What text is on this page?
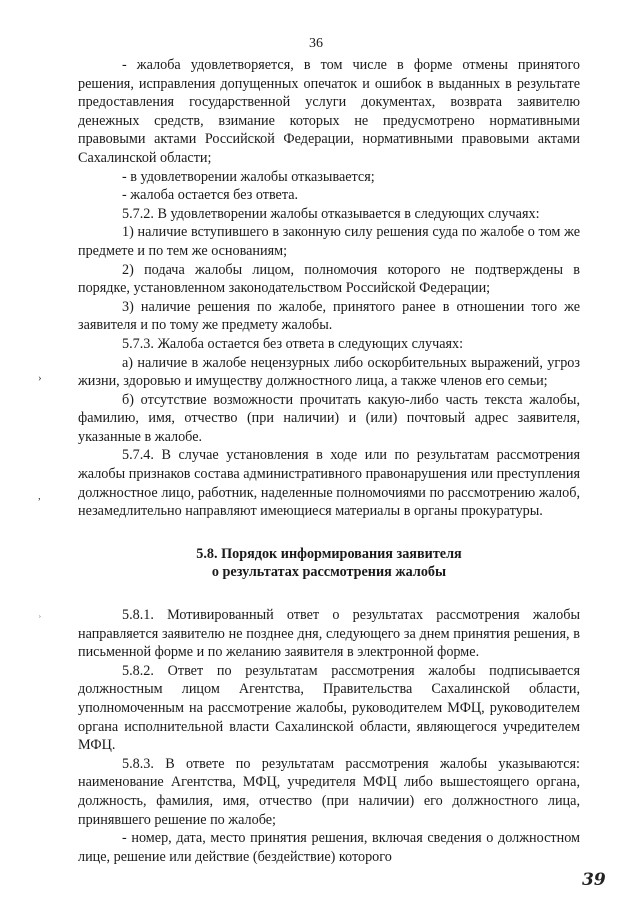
36

- жалоба удовлетворяется, в том числе в форме отмены принятого решения, исправления допущенных опечаток и ошибок в выданных в результате предоставления государственной услуги документах, возврата заявителю денежных средств, взимание которых не предусмотрено нормативными правовыми актами Российской Федерации, нормативными правовыми актами Сахалинской области;

- в удовлетворении жалобы отказывается;

- жалоба остается без ответа.

5.7.2. В удовлетворении жалобы отказывается в следующих случаях:

1) наличие вступившего в законную силу решения суда по жалобе о том же предмете и по тем же основаниям;

2) подача жалобы лицом, полномочия которого не подтверждены в порядке, установленном законодательством Российской Федерации;

3) наличие решения по жалобе, принятого ранее в отношении того же заявителя и по тому же предмету жалобы.

5.7.3. Жалоба остается без ответа в следующих случаях:

а) наличие в жалобе нецензурных либо оскорбительных выражений, угроз жизни, здоровью и имуществу должностного лица, а также членов его семьи;

б) отсутствие возможности прочитать какую-либо часть текста жалобы, фамилию, имя, отчество (при наличии) и (или) почтовый адрес заявителя, указанные в жалобе.

5.7.4. В случае установления в ходе или по результатам рассмотрения жалобы признаков состава административного правонарушения или преступления должностное лицо, работник, наделенные полномочиями по рассмотрению жалоб, незамедлительно направляют имеющиеся материалы в органы прокуратуры.

5.8. Порядок информирования заявителя
о результатах рассмотрения жалобы

5.8.1. Мотивированный ответ о результатах рассмотрения жалобы направляется заявителю не позднее дня, следующего за днем принятия решения, в письменной форме и по желанию заявителя в электронной форме.

5.8.2. Ответ по результатам рассмотрения жалобы подписывается должностным лицом Агентства, Правительства Сахалинской области, уполномоченным на рассмотрение жалобы, руководителем МФЦ, руководителем органа исполнительной власти Сахалинской области, являющегося учредителем МФЦ.

5.8.3. В ответе по результатам рассмотрения жалобы указываются: наименование Агентства, МФЦ, учредителя МФЦ либо вышестоящего органа, должность, фамилия, имя, отчество (при наличии) его должностного лица, принявшего решение по жалобе;

- номер, дата, место принятия решения, включая сведения о должностном лице, решение или действие (бездействие) которого

›
,
ʾ
39
